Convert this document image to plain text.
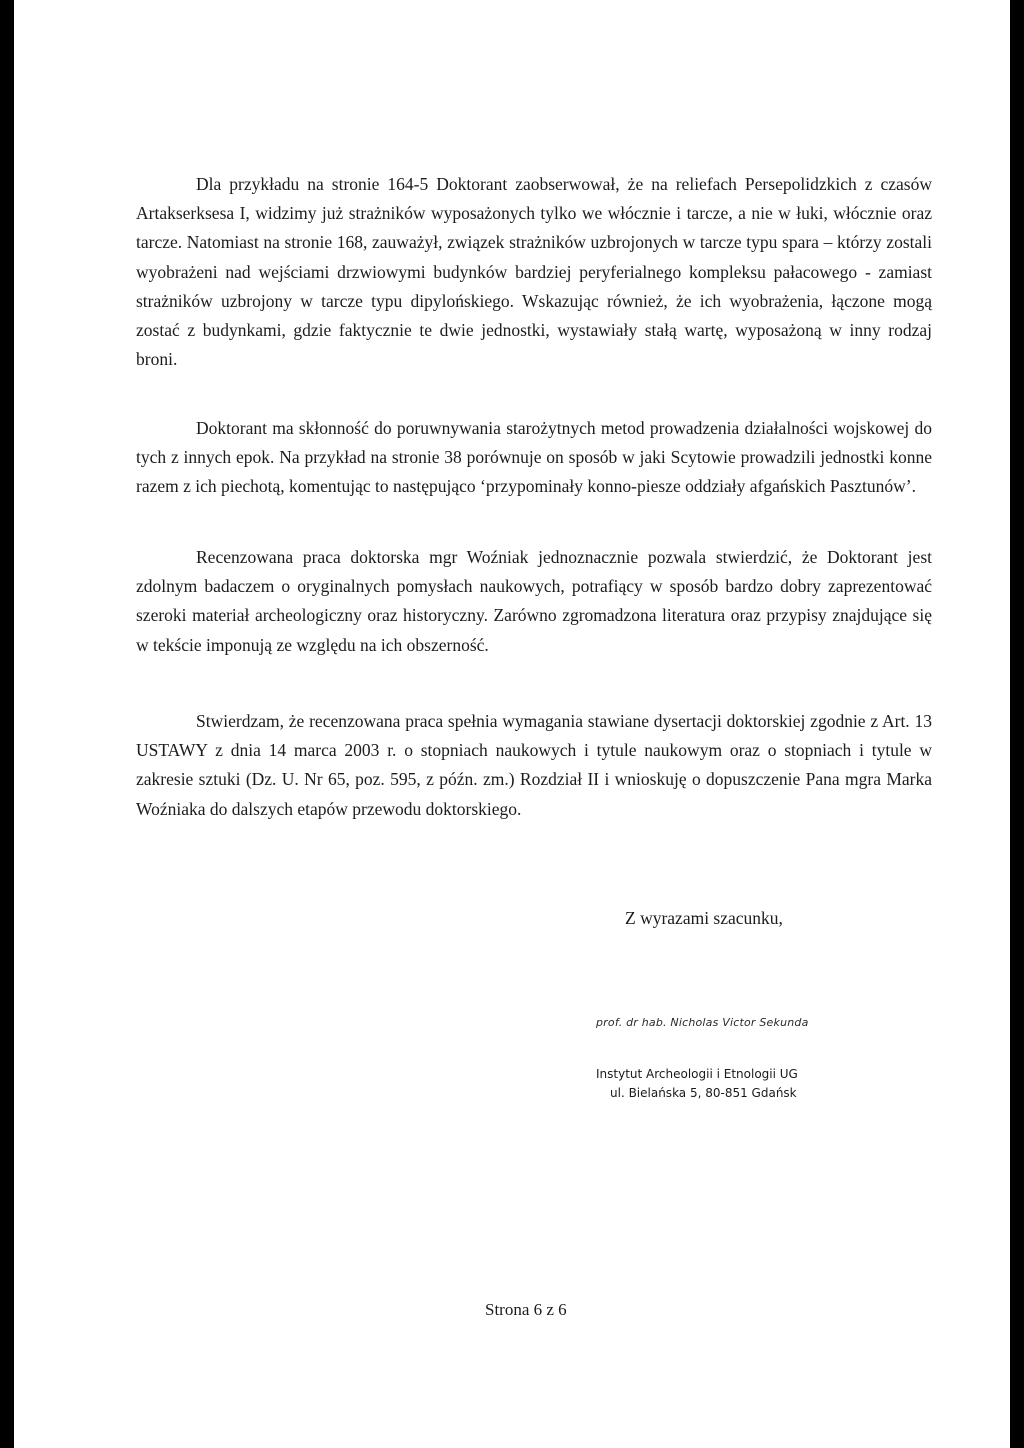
Dla przykładu na stronie 164-5 Doktorant zaobserwował, że na reliefach Persepolidzkich z czasów Artakserksesa I, widzimy już strażników wyposażonych tylko we włócznie i tarcze, a nie w łuki, włócznie oraz tarcze. Natomiast na stronie 168, zauważył, związek strażników uzbrojonych w tarcze typu spara – którzy zostali wyobrażeni nad wejściami drzwiowymi budynków bardziej peryferialnego kompleksu pałacowego - zamiast strażników uzbrojony w tarcze typu dipylońskiego. Wskazując również, że ich wyobrażenia, łączone mogą zostać z budynkami, gdzie faktycznie te dwie jednostki, wystawiały stałą wartę, wyposażoną w inny rodzaj broni.

Doktorant ma skłonność do poruwnywania starożytnych metod prowadzenia działalności wojskowej do tych z innych epok. Na przykład na stronie 38 porównuje on sposób w jaki Scytowie prowadzili jednostki konne razem z ich piechotą, komentując to następująco ‘przypominały konno-piesze oddziały afgańskich Pasztunów’.

Recenzowana praca doktorska mgr Woźniak jednoznacznie pozwala stwierdzić, że Doktorant jest zdolnym badaczem o oryginalnych pomysłach naukowych, potrafiący w sposób bardzo dobry zaprezentować szeroki materiał archeologiczny oraz historyczny. Zarówno zgromadzona literatura oraz przypisy znajdujące się w tekście imponują ze względu na ich obszerność.

Stwierdzam, że recenzowana praca spełnia wymagania stawiane dysertacji doktorskiej zgodnie z Art. 13 USTAWY z dnia 14 marca 2003 r. o stopniach naukowych i tytule naukowym oraz o stopniach i tytule w zakresie sztuki (Dz. U. Nr 65, poz. 595, z późn. zm.) Rozdział II i wnioskuję o dopuszczenie Pana mgra Marka Woźniaka do dalszych etapów przewodu doktorskiego.

Z wyrazami szacunku,
prof. dr hab. Nicholas Victor Sekunda
Instytut Archeologii i Etnologii UG
ul. Bielańska 5, 80-851 Gdańsk
Strona 6 z 6
